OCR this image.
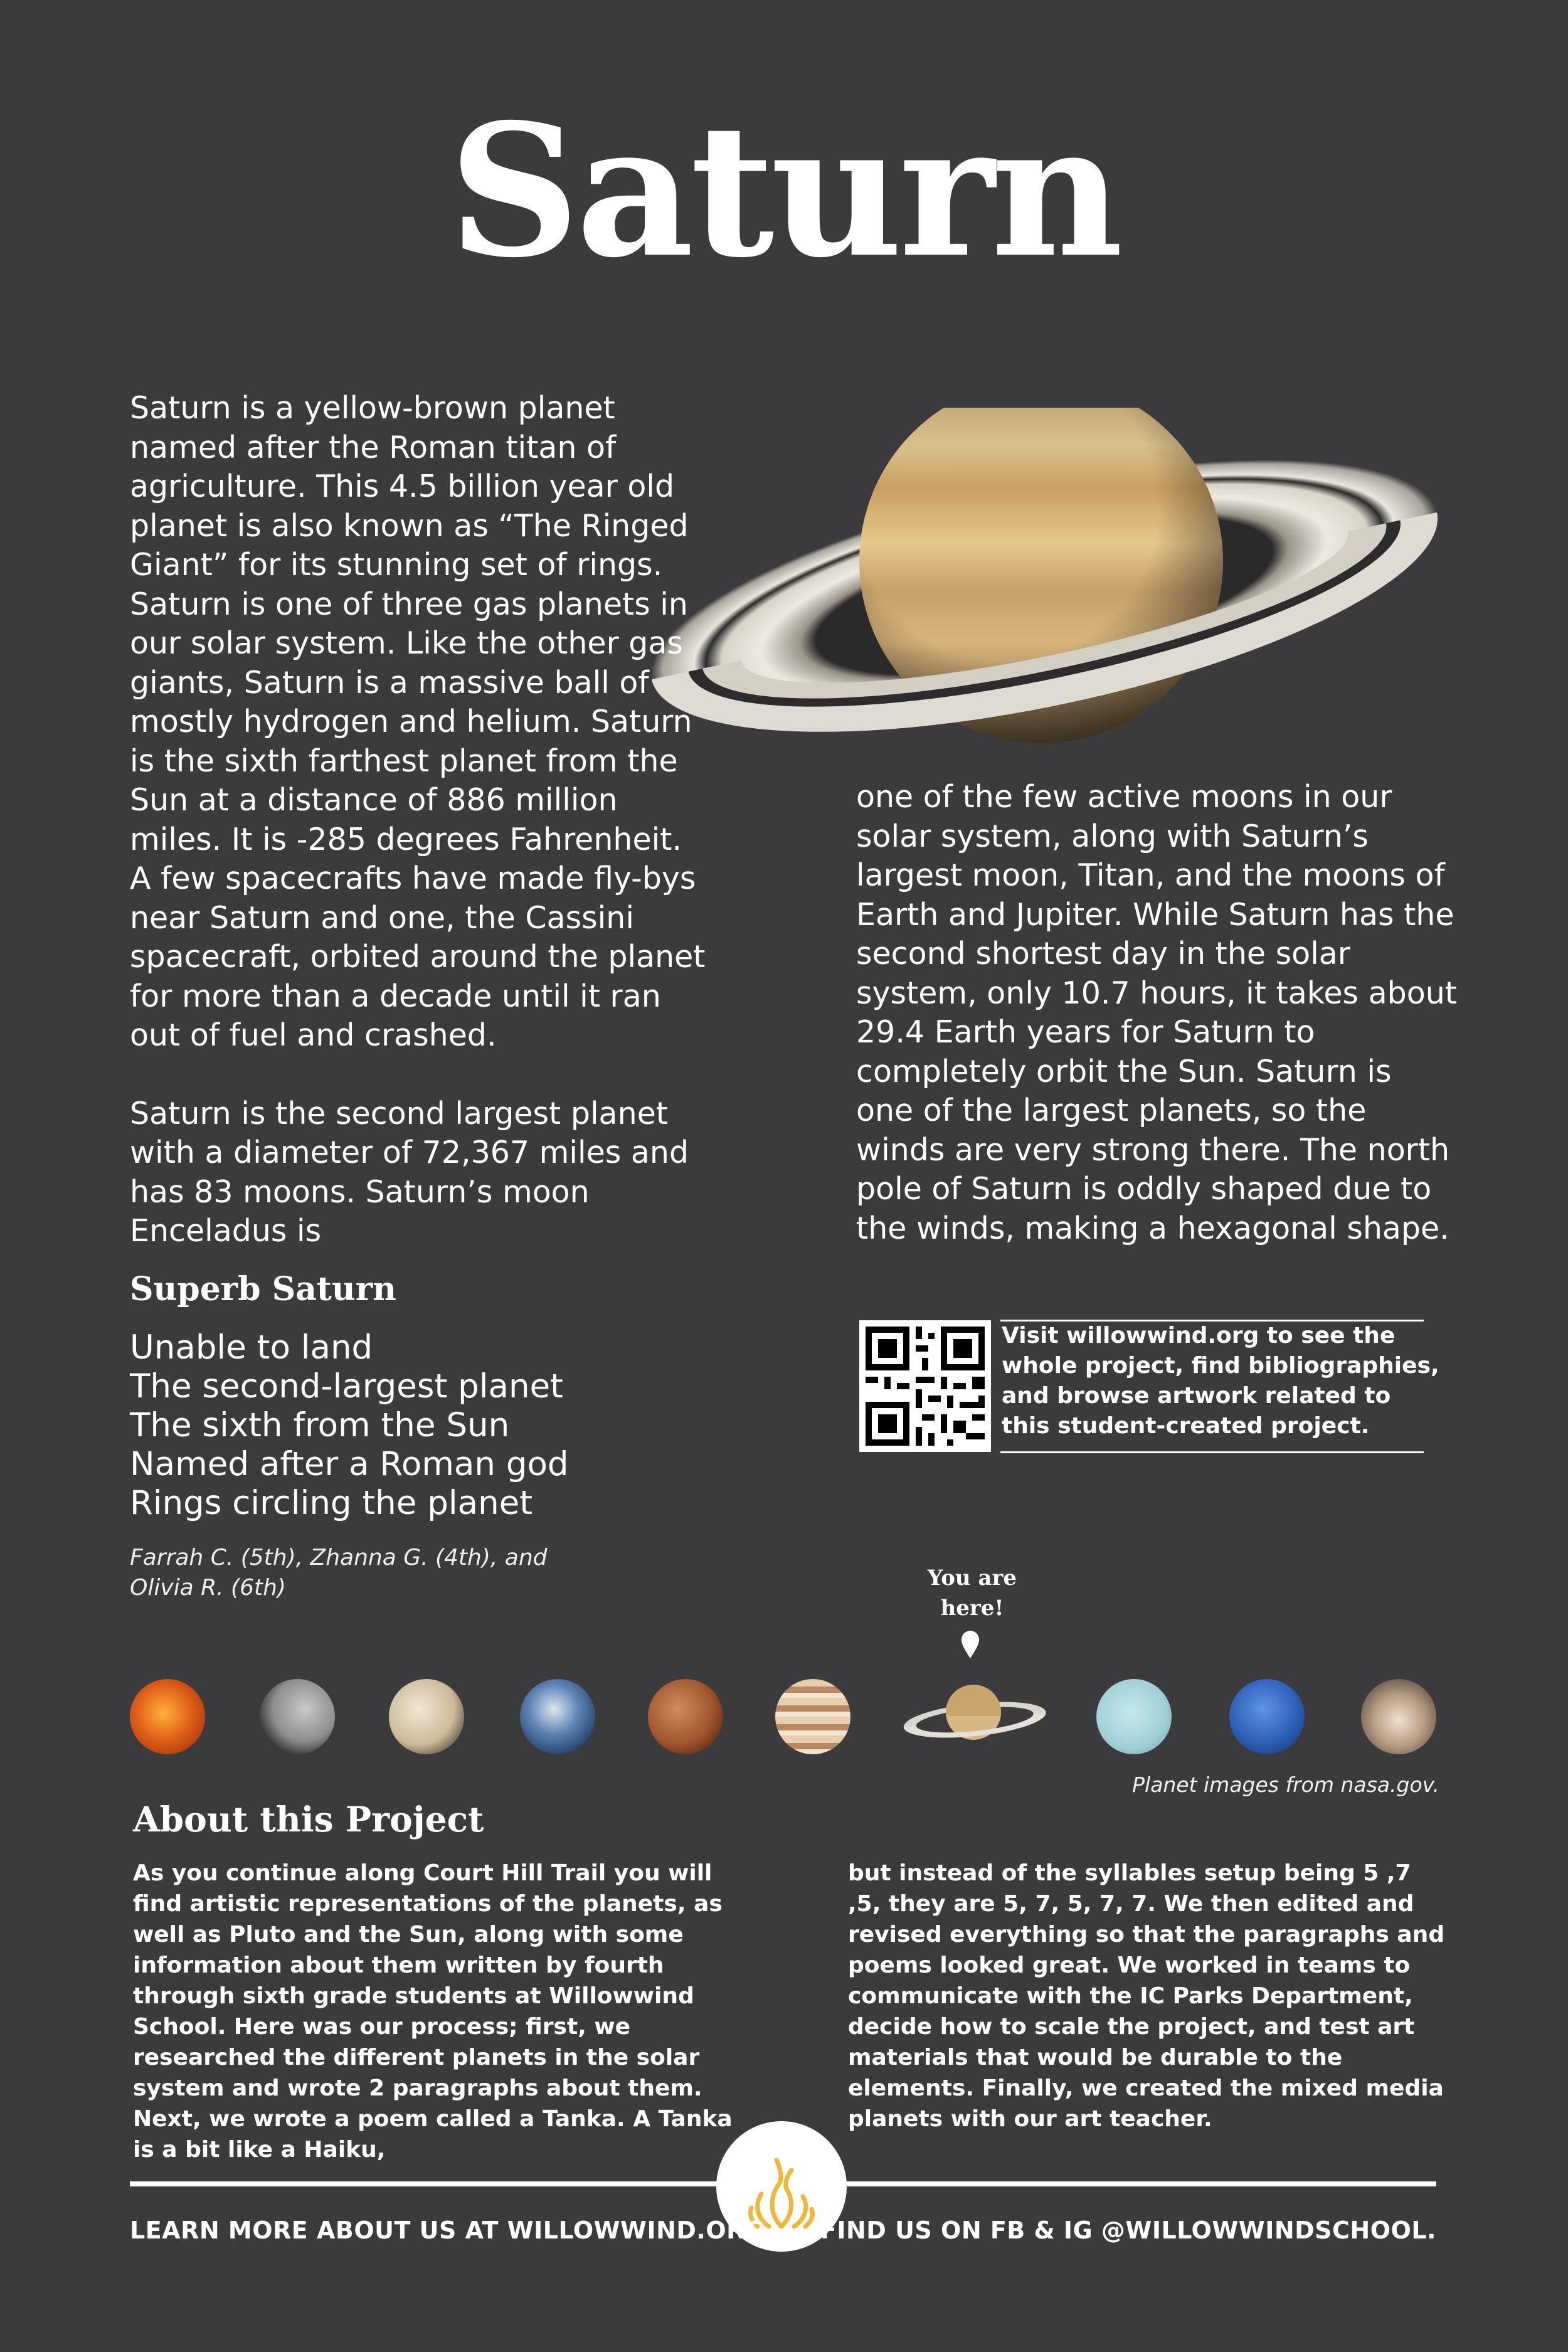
Saturn

Saturn is a yellow-brown planet named after the Roman titan of agriculture. This 4.5 billion year old planet is also known as “The Ringed Giant” for its stunning set of rings. Saturn is one of three gas planets in our solar system. Like the other gas giants, Saturn is a massive ball of mostly hydrogen and helium. Saturn is the sixth farthest planet from the Sun at a distance of 886 million miles. It is -285 degrees Fahrenheit. A few spacecrafts have made fly-bys near Saturn and one, the Cassini spacecraft, orbited around the planet for more than a decade until it ran out of fuel and crashed.

Saturn is the second largest planet with a diameter of 72,367 miles and has 83 moons. Saturn’s moon Enceladus is

one of the few active moons in our solar system, along with Saturn’s largest moon, Titan, and the moons of Earth and Jupiter. While Saturn has the second shortest day in the solar system, only 10.7 hours, it takes about 29.4 Earth years for Saturn to completely orbit the Sun. Saturn is one of the largest planets, so the winds are very strong there. The north pole of Saturn is oddly shaped due to the winds, making a hexagonal shape.

Superb Saturn
Unable to land
The second-largest planet
The sixth from the Sun
Named after a Roman god
Rings circling the planet
Farrah C. (5th), Zhanna G. (4th), and Olivia R. (6th)
Visit willowwind.org to see the whole project, find bibliographies, and browse artwork related to this student-created project.
You are here!
Planet images from nasa.gov.
About this Project

As you continue along Court Hill Trail you will find artistic representations of the planets, as well as Pluto and the Sun, along with some information about them written by fourth through sixth grade students at Willowwind School. Here was our process; first, we researched the different planets in the solar system and wrote 2 paragraphs about them. Next, we wrote a poem called a Tanka. A Tanka is a bit like a Haiku,

but instead of the syllables setup being 5 ,7 ,5, they are 5, 7, 5, 7, 7. We then edited and revised everything so that the paragraphs and poems looked great. We worked in teams to communicate with the IC Parks Department, decide how to scale the project, and test art materials that would be durable to the elements. Finally, we created the mixed media planets with our art teacher.

LEARN MORE ABOUT US AT WILLOWWIND.ORG. FIND US ON FB & IG @WILLOWWINDSCHOOL.
